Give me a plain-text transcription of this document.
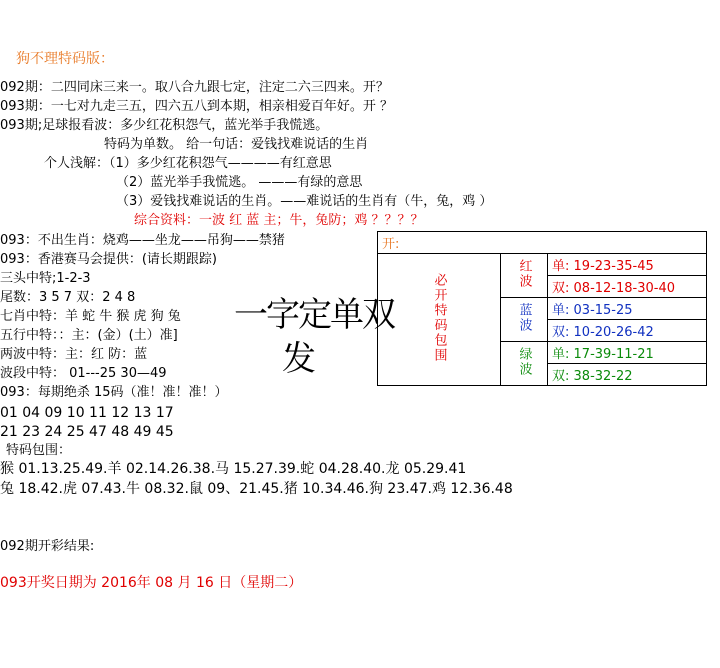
狗不理特码版：
092期：二四同床三来一。取八合九跟七定，注定二六三四来。开？
093期：一七对九走三五，四六五八到本期，相亲相爱百年好。开 ？
093期;足球报看波：多少红花积怨气，蓝光举手我慌逃。
特码为单数。 给一句话：爱钱找难说话的生肖
个人浅解：（1）多少红花积怨气————有红意思
（2）蓝光举手我慌逃。 ———有绿的意思
（3）爱钱找难说话的生肖。——难说话的生肖有（牛，兔，鸡 ）
综合资料：一波 红 蓝 主；牛，兔防；鸡 ？？？？
093：不出生肖：烧鸡——坐龙——吊狗——禁猪
093：香港赛马会提供：(请长期跟踪)
三头中特;1-2-3
尾数：3 5 7 双：2 4 8
七肖中特：羊 蛇 牛 猴 虎 狗 兔
五行中特：：主：(金）(土）准]
两波中特：主：红 防：蓝
波段中特： 01---25 30—49
093：每期绝杀 15码（准！准！准！）
01 04 09 10 11 12 13 17
21 23 24 25 47 48 49 45
特码包围：
猴 01.13.25.49.羊 02.14.26.38.马 15.27.39.蛇 04.28.40.龙 05.29.41
兔 18.42.虎 07.43.牛 08.32.鼠 09、21.45.猪 10.34.46.狗 23.47.鸡 12.36.48
092期开彩结果:
093开奖日期为 2016年 08 月 16 日（星期二）
一字定单双
发
开:		
必开特码包围	红波	单: 19-23-35-45
		双: 08-12-18-30-40
	蓝波	单: 03-15-25
		双: 10-20-26-42
	绿波	单: 17-39-11-21
		双: 38-32-22
